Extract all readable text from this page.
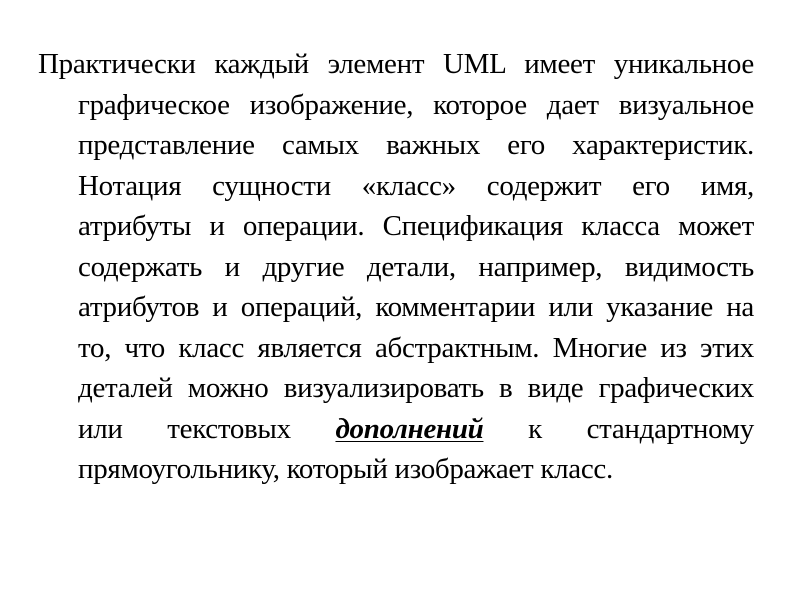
Практически каждый элемент UML имеет уникальное графическое изображение, которое дает визуальное представление самых важных его характеристик. Нотация сущности «класс» содержит его имя, атрибуты и операции. Спецификация класса может содержать и другие детали, например, видимость атрибутов и операций, комментарии или указание на то, что класс является абстрактным. Многие из этих деталей можно визуализировать в виде графических или текстовых дополнений к стандартному прямоугольнику, который изображает класс.
